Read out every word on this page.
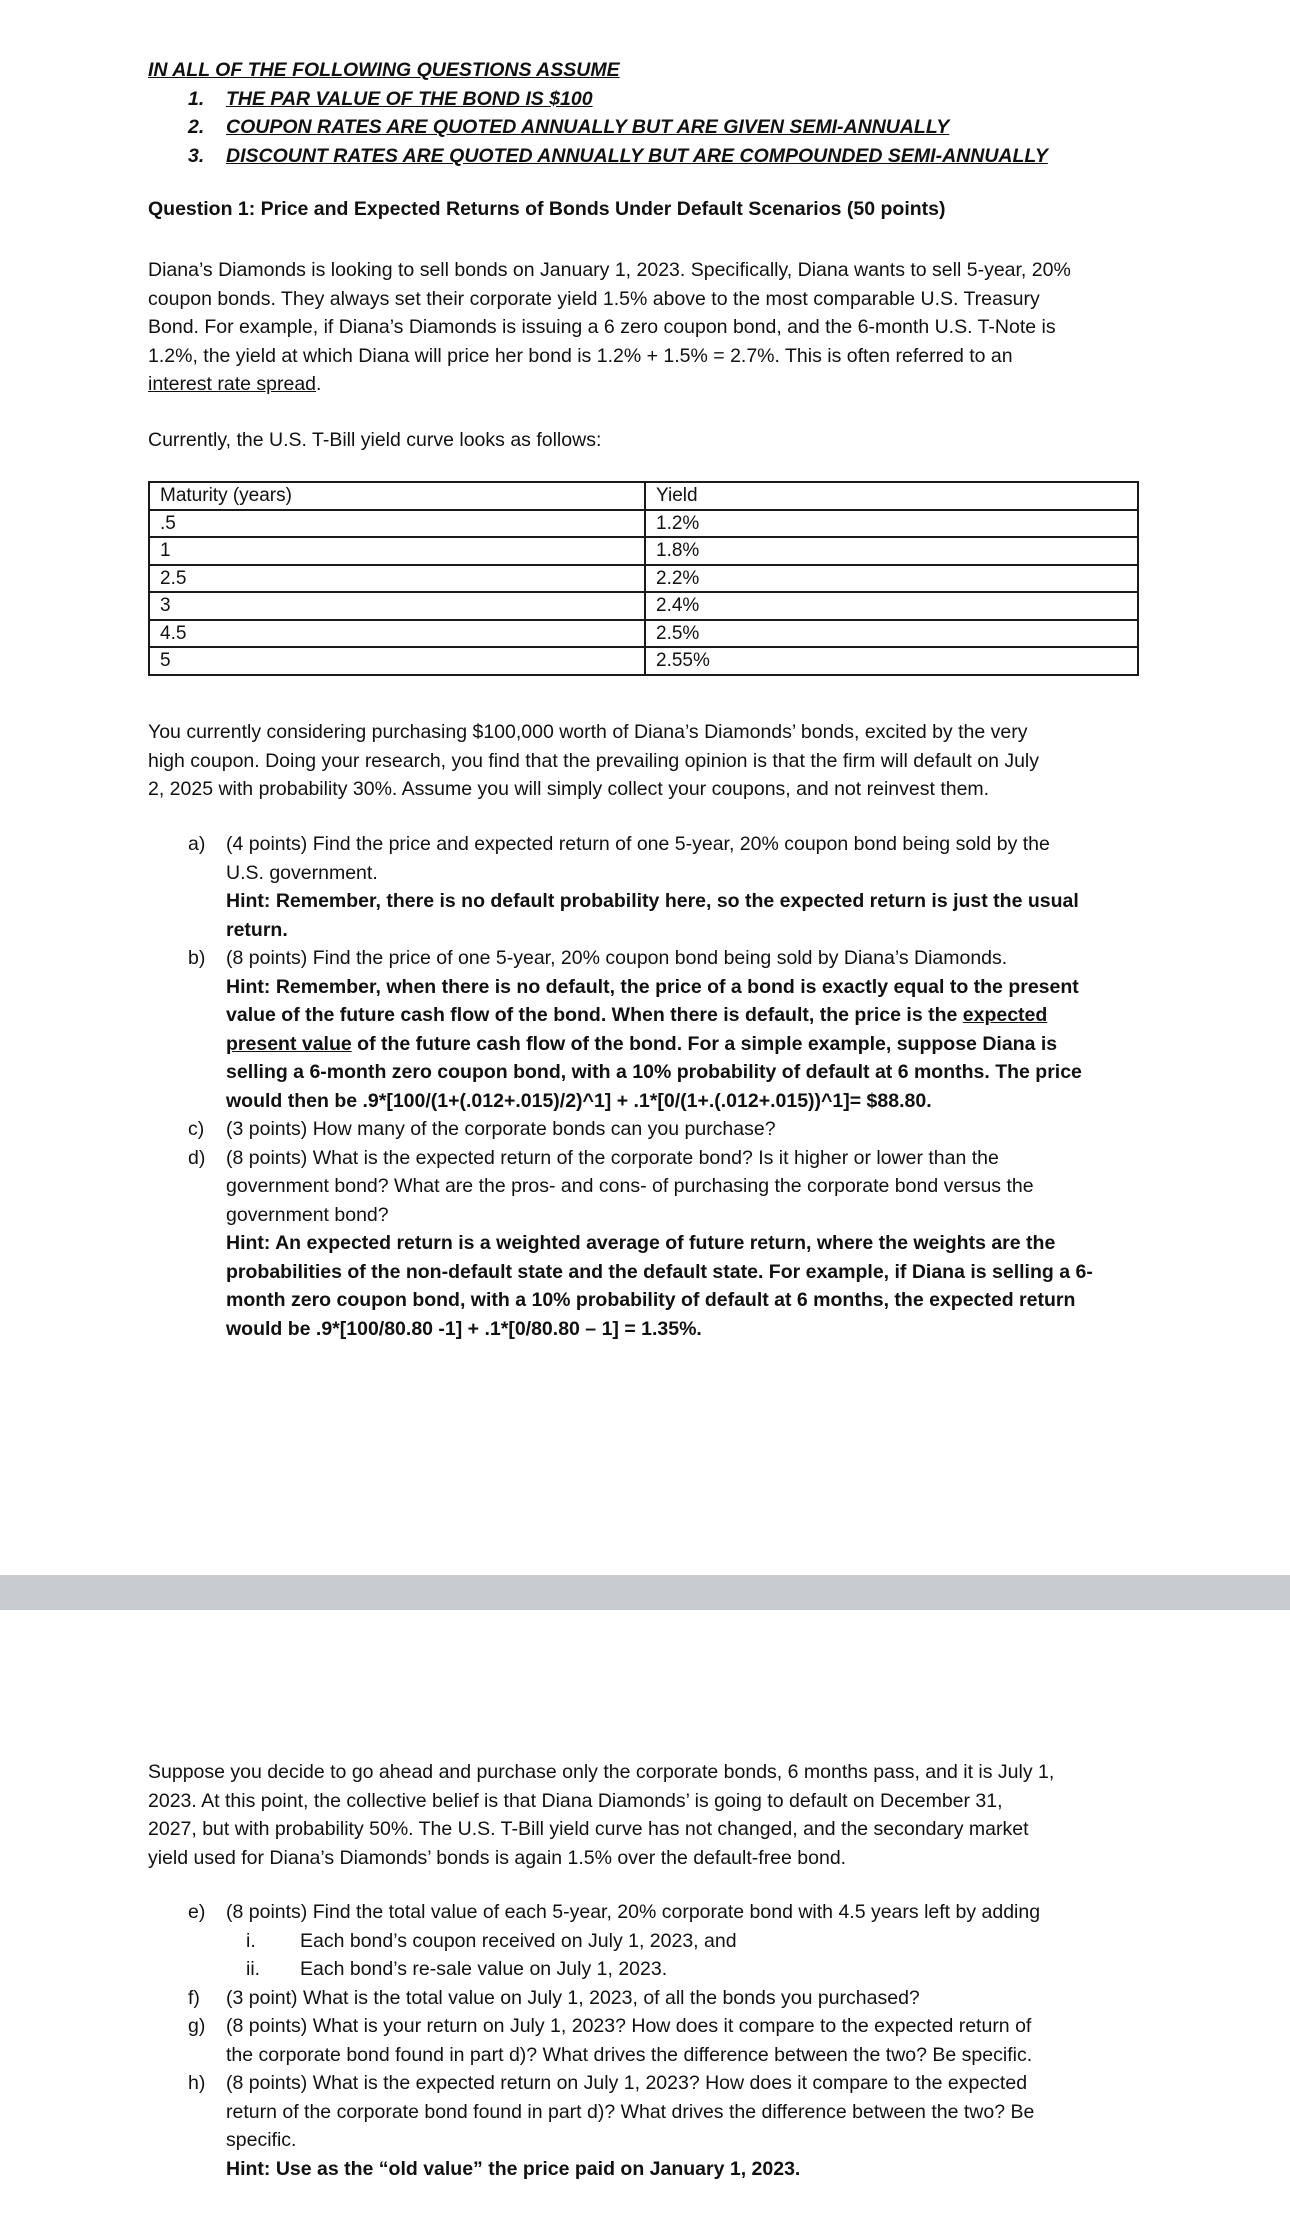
IN ALL OF THE FOLLOWING QUESTIONS ASSUME
1. THE PAR VALUE OF THE BOND IS $100
2. COUPON RATES ARE QUOTED ANNUALLY BUT ARE GIVEN SEMI-ANNUALLY
3. DISCOUNT RATES ARE QUOTED ANNUALLY BUT ARE COMPOUNDED SEMI-ANNUALLY
Question 1: Price and Expected Returns of Bonds Under Default Scenarios (50 points)
Diana’s Diamonds is looking to sell bonds on January 1, 2023. Specifically, Diana wants to sell 5-year, 20%
coupon bonds. They always set their corporate yield 1.5% above to the most comparable U.S. Treasury
Bond. For example, if Diana’s Diamonds is issuing a 6 zero coupon bond, and the 6-month U.S. T-Note is
1.2%, the yield at which Diana will price her bond is 1.2% + 1.5% = 2.7%. This is often referred to an
interest rate spread.
Currently, the U.S. T-Bill yield curve looks as follows:
Maturity (years)	Yield
.5	1.2%
1	1.8%
2.5	2.2%
3	2.4%
4.5	2.5%
5	2.55%
You currently considering purchasing $100,000 worth of Diana’s Diamonds’ bonds, excited by the very
high coupon. Doing your research, you find that the prevailing opinion is that the firm will default on July
2, 2025 with probability 30%. Assume you will simply collect your coupons, and not reinvest them.
a) (4 points) Find the price and expected return of one 5-year, 20% coupon bond being sold by the
U.S. government.
Hint: Remember, there is no default probability here, so the expected return is just the usual
return.
b) (8 points) Find the price of one 5-year, 20% coupon bond being sold by Diana’s Diamonds.
Hint: Remember, when there is no default, the price of a bond is exactly equal to the present
value of the future cash flow of the bond. When there is default, the price is the expected
present value of the future cash flow of the bond. For a simple example, suppose Diana is
selling a 6-month zero coupon bond, with a 10% probability of default at 6 months. The price
would then be .9*[100/(1+(.012+.015)/2)^1] + .1*[0/(1+.(.012+.015))^1]= $88.80.
c) (3 points) How many of the corporate bonds can you purchase?
d) (8 points) What is the expected return of the corporate bond? Is it higher or lower than the
government bond? What are the pros- and cons- of purchasing the corporate bond versus the
government bond?
Hint: An expected return is a weighted average of future return, where the weights are the
probabilities of the non-default state and the default state. For example, if Diana is selling a 6-
month zero coupon bond, with a 10% probability of default at 6 months, the expected return
would be .9*[100/80.80 -1] + .1*[0/80.80 – 1] = 1.35%.
Suppose you decide to go ahead and purchase only the corporate bonds, 6 months pass, and it is July 1,
2023. At this point, the collective belief is that Diana Diamonds’ is going to default on December 31,
2027, but with probability 50%. The U.S. T-Bill yield curve has not changed, and the secondary market
yield used for Diana’s Diamonds’ bonds is again 1.5% over the default-free bond.
e) (8 points) Find the total value of each 5-year, 20% corporate bond with 4.5 years left by adding
i. Each bond’s coupon received on July 1, 2023, and
ii. Each bond’s re-sale value on July 1, 2023.
f) (3 point) What is the total value on July 1, 2023, of all the bonds you purchased?
g) (8 points) What is your return on July 1, 2023? How does it compare to the expected return of
the corporate bond found in part d)? What drives the difference between the two? Be specific.
h) (8 points) What is the expected return on July 1, 2023? How does it compare to the expected
return of the corporate bond found in part d)? What drives the difference between the two? Be
specific.
Hint: Use as the “old value” the price paid on January 1, 2023.
